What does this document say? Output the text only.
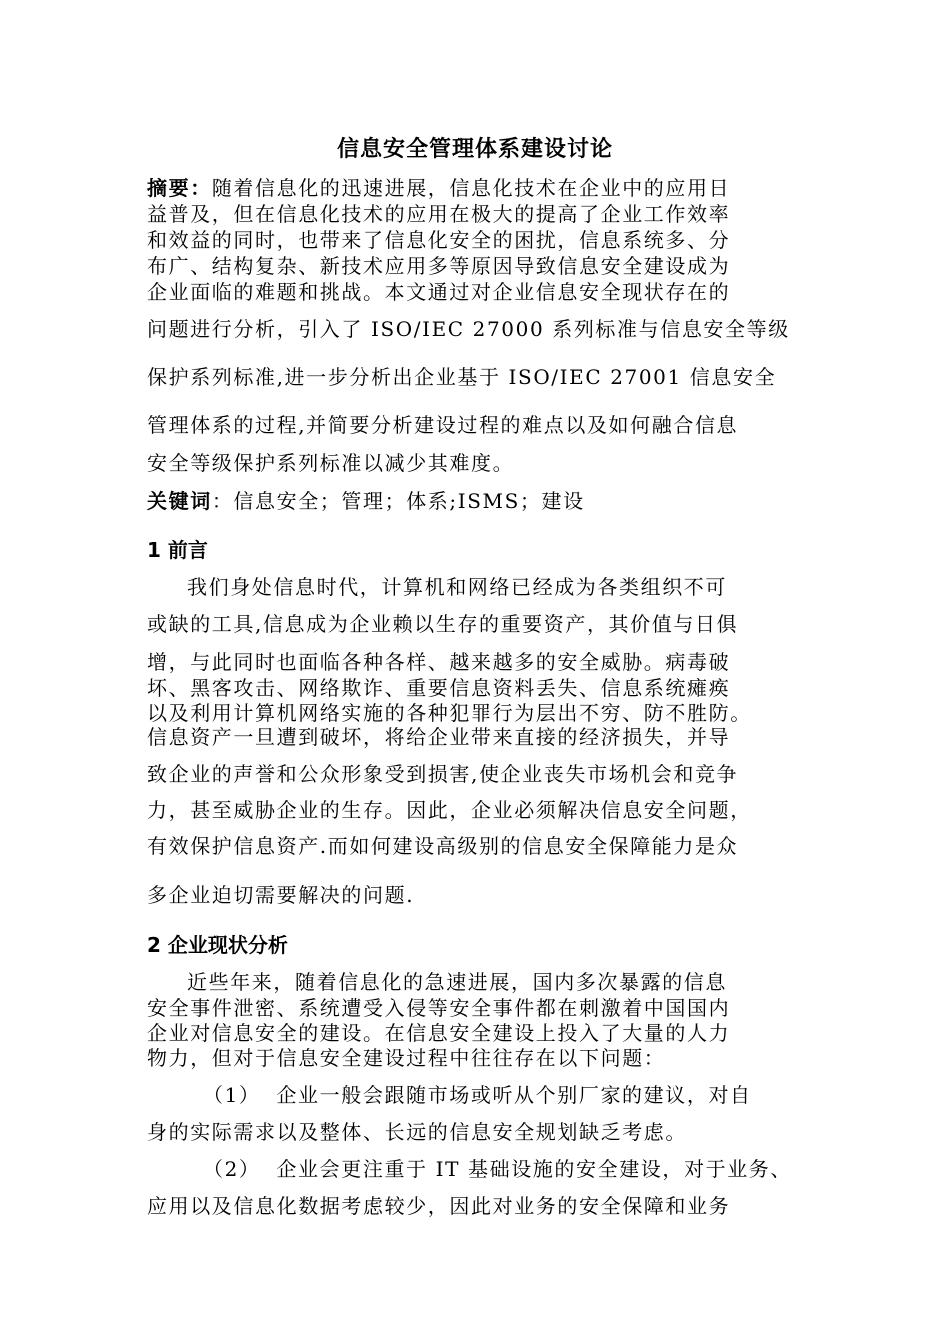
信息安全管理体系建设讨论
摘要：随着信息化的迅速进展，信息化技术在企业中的应用日
益普及，但在信息化技术的应用在极大的提高了企业工作效率
和效益的同时，也带来了信息化安全的困扰，信息系统多、分
布广、结构复杂、新技术应用多等原因导致信息安全建设成为
企业面临的难题和挑战。本文通过对企业信息安全现状存在的
问题进行分析，引入了 ISO/IEC 27000 系列标准与信息安全等级
保护系列标准,进一步分析出企业基于 ISO/IEC 27001 信息安全
管理体系的过程,并简要分析建设过程的难点以及如何融合信息
安全等级保护系列标准以减少其难度。
关键词：信息安全；管理；体系;ISMS；建设
1 前言
我们身处信息时代，计算机和网络已经成为各类组织不可
或缺的工具,信息成为企业赖以生存的重要资产，其价值与日俱
增，与此同时也面临各种各样、越来越多的安全威胁。病毒破
坏、黑客攻击、网络欺诈、重要信息资料丢失、信息系统瘫痪
以及利用计算机网络实施的各种犯罪行为层出不穷、防不胜防。
信息资产一旦遭到破坏，将给企业带来直接的经济损失，并导
致企业的声誉和公众形象受到损害,使企业丧失市场机会和竞争
力，甚至威胁企业的生存。因此，企业必须解决信息安全问题，
有效保护信息资产.而如何建设高级别的信息安全保障能力是众
多企业迫切需要解决的问题.
2 企业现状分析
近些年来，随着信息化的急速进展，国内多次暴露的信息
安全事件泄密、系统遭受入侵等安全事件都在刺激着中国国内
企业对信息安全的建设。在信息安全建设上投入了大量的人力
物力，但对于信息安全建设过程中往往存在以下问题：
（1） 企业一般会跟随市场或听从个别厂家的建议，对自
身的实际需求以及整体、长远的信息安全规划缺乏考虑。
（2） 企业会更注重于 IT 基础设施的安全建设，对于业务、
应用以及信息化数据考虑较少，因此对业务的安全保障和业务
